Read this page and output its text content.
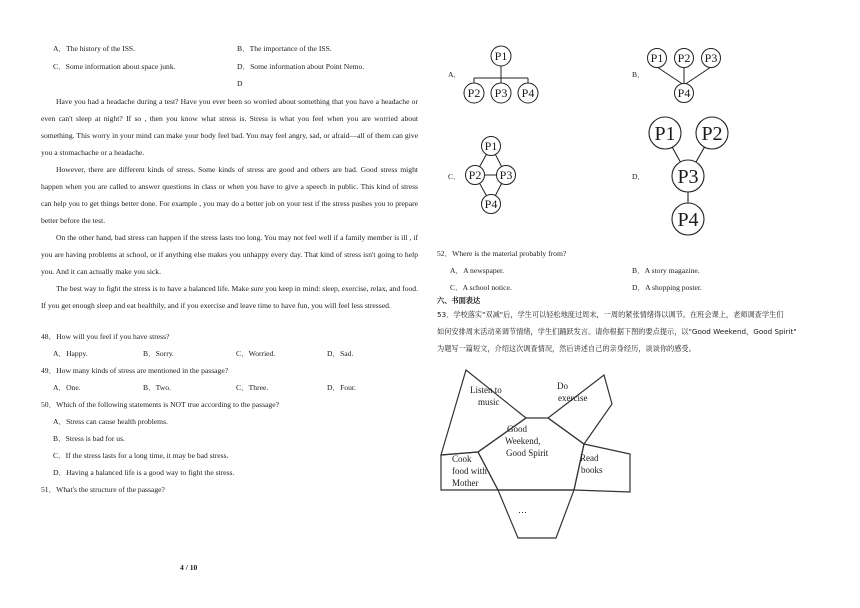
A．The history of the ISS.	B．The importance of the ISS.
C．Some information about space junk.	D．Some information about Point Nemo.
D
Have you had a headache during a test? Have you ever been so worried about something that you have a headache or even can't sleep at night? If so , then you know what stress is. Stress is what you feel when you are worried about something. This worry in your mind can make your body feel bad. You may feel angry, sad, or afraid—all of them can give you a stomachache or a headache.
However, there are different kinds of stress. Some kinds of stress are good and others are bad. Good stress might happen when you are called to answer questions in class or when you have to give a speech in public. This kind of stress can help you to get things better done. For example , you may do a better job on your test if the stress pushes you to prepare better before the test.
On the other hand, bad stress can happen if the stress lasts too long. You may not feel well if a family member is ill , if you are having problems at school, or if anything else makes you unhappy every day. That kind of stress isn't going to help you. And it can actually make you sick.
The best way to fight the stress is to have a balanced life. Make sure you keep in mind: sleep, exercise, relax, and food. If you get enough sleep and eat healthily, and if you exercise and leave time to have fun, you will feel less stressed.
48．How will you feel if you have stress?
A．Happy.	B．Sorry.	C．Worried.	D．Sad.
49．How many kinds of stress are mentioned in the passage?
A．One.	B．Two.	C．Three.	D．Four.
50．Which of the following statements is NOT true according to the passage?
A．Stress can cause health problems.
B．Stress is bad for us.
C．If the stress lasts for a long time, it may be bad stress.
D．Having a balanced life is a good way to fight the stress.
51．What's the structure of the passage?
4 / 10
A．	B．
C．	D．
P1
P2 P3 P4
P1 P2 P3
P4
P1
P2 P3
P4
P1 P2
P3
P4
52．Where is the material probably from?
A．A newspaper.	B．A story magazine.
C．A school notice.	D．A shopping poster.
六、书面表达
53．学校落实"双减"后，学生可以轻松地度过周末，一周的紧张情绪得以调节。在班会课上，老师调查学生们
如何安排周末活动来调节情绪，学生们踊跃发言。请你根据下图的要点提示，以"Good Weekend，Good Spirit"
为题写一篇短文，介绍这次调查情况，然后讲述自己的亲身经历，谈谈你的感受。
Listen to
music
Do
exercise
Good
Weekend,
Good Spirit	Read
books
Cook
food with
Mother
…
